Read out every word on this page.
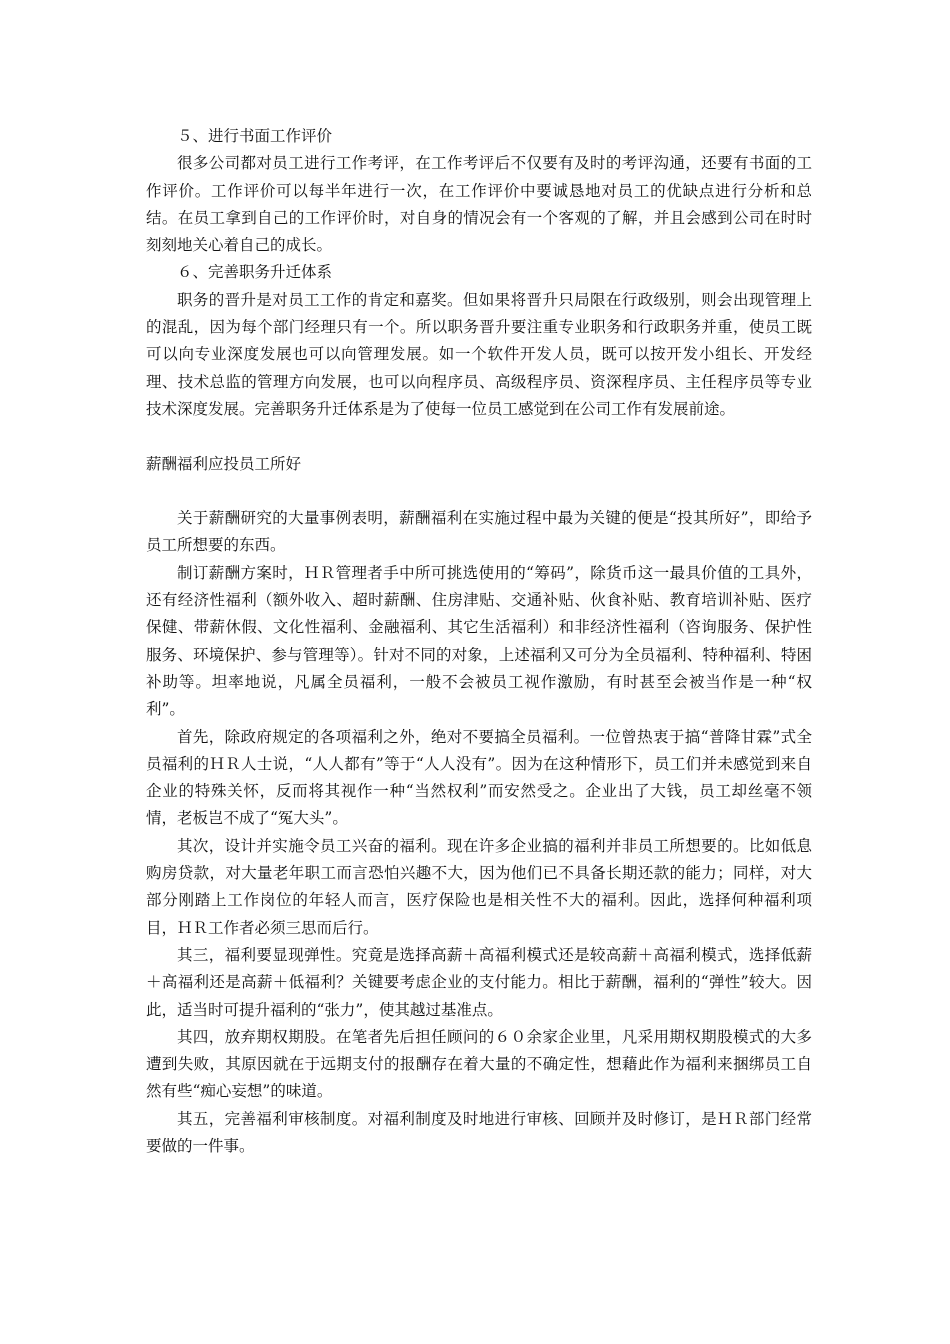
５、进行书面工作评价

很多公司都对员工进行工作考评，在工作考评后不仅要有及时的考评沟通，还要有书面的工作评价。工作评价可以每半年进行一次，在工作评价中要诚恳地对员工的优缺点进行分析和总结。在员工拿到自己的工作评价时，对自身的情况会有一个客观的了解，并且会感到公司在时时刻刻地关心着自己的成长。

６、完善职务升迁体系

职务的晋升是对员工工作的肯定和嘉奖。但如果将晋升只局限在行政级别，则会出现管理上的混乱，因为每个部门经理只有一个。所以职务晋升要注重专业职务和行政职务并重，使员工既可以向专业深度发展也可以向管理发展。如一个软件开发人员，既可以按开发小组长、开发经理、技术总监的管理方向发展，也可以向程序员、高级程序员、资深程序员、主任程序员等专业技术深度发展。完善职务升迁体系是为了使每一位员工感觉到在公司工作有发展前途。

薪酬福利应投员工所好

关于薪酬研究的大量事例表明，薪酬福利在实施过程中最为关键的便是“投其所好”，即给予员工所想要的东西。

制订薪酬方案时，ＨＲ管理者手中所可挑选使用的“筹码”，除货币这一最具价值的工具外，还有经济性福利（额外收入、超时薪酬、住房津贴、交通补贴、伙食补贴、教育培训补贴、医疗保健、带薪休假、文化性福利、金融福利、其它生活福利）和非经济性福利（咨询服务、保护性服务、环境保护、参与管理等）。针对不同的对象，上述福利又可分为全员福利、特种福利、特困补助等。坦率地说，凡属全员福利，一般不会被员工视作激励，有时甚至会被当作是一种“权利”。

首先，除政府规定的各项福利之外，绝对不要搞全员福利。一位曾热衷于搞“普降甘霖”式全员福利的ＨＲ人士说，“人人都有”等于“人人没有”。因为在这种情形下，员工们并未感觉到来自企业的特殊关怀，反而将其视作一种“当然权利”而安然受之。企业出了大钱，员工却丝毫不领情，老板岂不成了“冤大头”。

其次，设计并实施令员工兴奋的福利。现在许多企业搞的福利并非员工所想要的。比如低息购房贷款，对大量老年职工而言恐怕兴趣不大，因为他们已不具备长期还款的能力；同样，对大部分刚踏上工作岗位的年轻人而言，医疗保险也是相关性不大的福利。因此，选择何种福利项目，ＨＲ工作者必须三思而后行。

其三，福利要显现弹性。究竟是选择高薪＋高福利模式还是较高薪＋高福利模式，选择低薪＋高福利还是高薪＋低福利？关键要考虑企业的支付能力。相比于薪酬，福利的“弹性”较大。因此，适当时可提升福利的“张力”，使其越过基准点。

其四，放弃期权期股。在笔者先后担任顾问的６０余家企业里，凡采用期权期股模式的大多遭到失败，其原因就在于远期支付的报酬存在着大量的不确定性，想藉此作为福利来捆绑员工自然有些“痴心妄想”的味道。

其五，完善福利审核制度。对福利制度及时地进行审核、回顾并及时修订，是ＨＲ部门经常要做的一件事。
